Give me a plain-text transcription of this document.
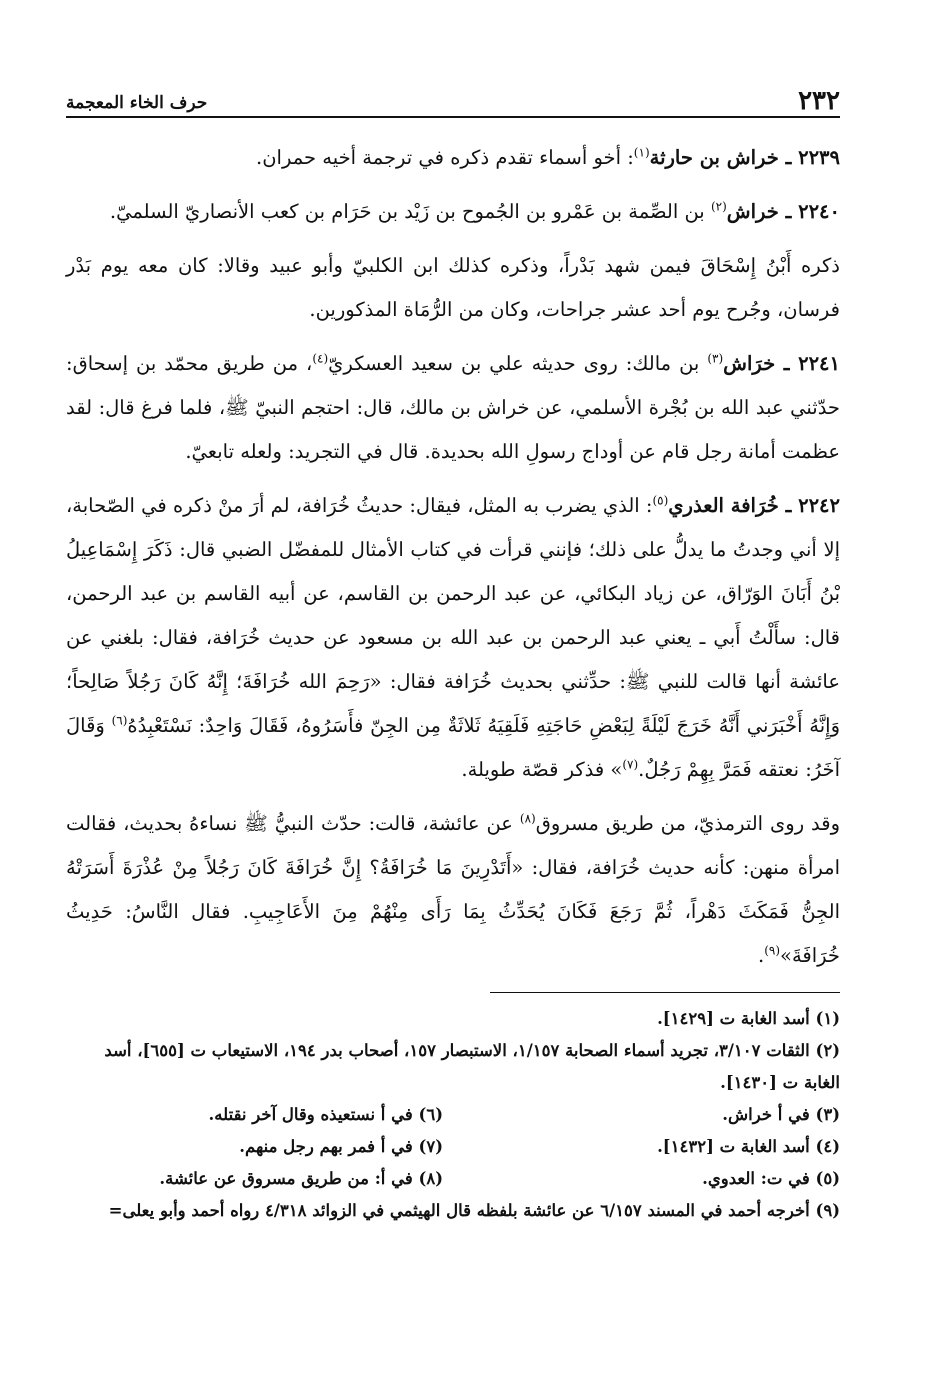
٢٣٢
حرف الخاء المعجمة

٢٢٣٩ ـ خراش بن حارثة$^{(١)}$: أخو أسماء تقدم ذكره في ترجمة أخيه حمران.

٢٢٤٠ ـ خراش$^{(٢)}$ بن الصِّمة بن عَمْرو بن الجُموح بن زَيْد بن حَرَام بن كعب الأنصاريّ السلميّ.

ذكره أَبْنُ إِسْحَاقَ فيمن شهد بَدْراً، وذكره كذلك ابن الكلبيّ وأبو عبيد وقالا: كان معه يوم بَدْر فرسان، وجُرح يوم أحد عشر جراحات، وكان من الرُّمَاة المذكورين.

٢٢٤١ ـ خرَاش$^{(٣)}$ بن مالك: روى حديثه علي بن سعيد العسكريّ$^{(٤)}$، من طريق محمّد بن إسحاق: حدّثني عبد الله بن بُجْرة الأسلمي، عن خراش بن مالك، قال: احتجم النبيّ ﷺ، فلما فرغ قال: لقد عظمت أمانة رجل قام عن أوداج رسولِ الله بحديدة. قال في التجريد: ولعله تابعيّ.

٢٢٤٢ ـ خُرَافة العذري$^{(٥)}$: الذي يضرب به المثل، فيقال: حديثُ خُرَافة، لم أرَ منْ ذكره في الصّحابة، إلا أني وجدتُ ما يدلُّ على ذلك؛ فإنني قرأت في كتاب الأمثال للمفضّل الضبي قال: ذَكَرَ إِسْمَاعِيلُ بْنُ أَبَانَ الوَرّاق، عن زياد البكائي، عن عبد الرحمن بن القاسم، عن أبيه القاسم بن عبد الرحمن، قال: سأَلْتُ أَبي ـ يعني عبد الرحمن بن عبد الله بن مسعود عن حديث خُرَافة، فقال: بلغني عن عائشة أنها قالت للنبي ﷺ: حدِّثني بحديث خُرَافة فقال: «رَحِمَ الله خُرَافَةَ؛ إِنَّهُ كَانَ رَجُلاً صَالِحاً؛ وَإِنَّهُ أَخْبَرَني أَنَّهُ خَرَجَ لَيْلَةً لِبَعْضِ حَاجَتِهِ فَلَقِيَهُ ثَلاثَةٌ مِن الجِنّ فأَسَرُوهُ، فَقَالَ وَاحِدٌ: نَسْتَعْبِدُهُ$^{(٦)}$ وَقَالَ آخَرُ: نعتقه فَمَرَّ بِهِمْ رَجُلٌ.$^{(٧)}$» فذكر قصّة طويلة.

وقد روى الترمذيّ، من طريق مسروق$^{(٨)}$ عن عائشة، قالت: حدّث النبيُّ ﷺ نساءهُ بحديث، فقالت امرأة منهن: كأنه حديث خُرَافة، فقال: «أَتَدْرِينَ مَا خُرَافَةُ؟ إِنَّ خُرَافَةَ كَانَ رَجُلاً مِنْ عُذْرَةَ أَسَرَتْهُ الجِنُّ فَمَكَثَ دَهْراً، ثُمَّ رَجَعَ فَكَانَ يُحَدِّثُ بِمَا رَأَى مِنْهُمْ مِنَ الأَعَاجِيبِ. فقال النَّاسُ: حَدِيثُ خُرَافَةَ»$^{(٩)}$.

(١) أسد الغابة ت [١٤٢٩].

(٢) الثقات ٣/١٠٧، تجريد أسماء الصحابة ١/١٥٧، الاستبصار ١٥٧، أصحاب بدر ١٩٤، الاستيعاب ت [٦٥٥]، أسد الغابة ت [١٤٣٠].

(٣) في أ خراش.

(٦) في أ نستعيذه وقال آخر نقتله.

(٤) أسد الغابة ت [١٤٣٢].

(٧) في أ فمر بهم رجل منهم.

(٥) في ت: العدوي.

(٨) في أ: من طريق مسروق عن عائشة.

(٩) أخرجه أحمد في المسند ٦/١٥٧ عن عائشة بلفظه قال الهيثمي في الزوائد ٤/٣١٨ رواه أحمد وأبو يعلى=
